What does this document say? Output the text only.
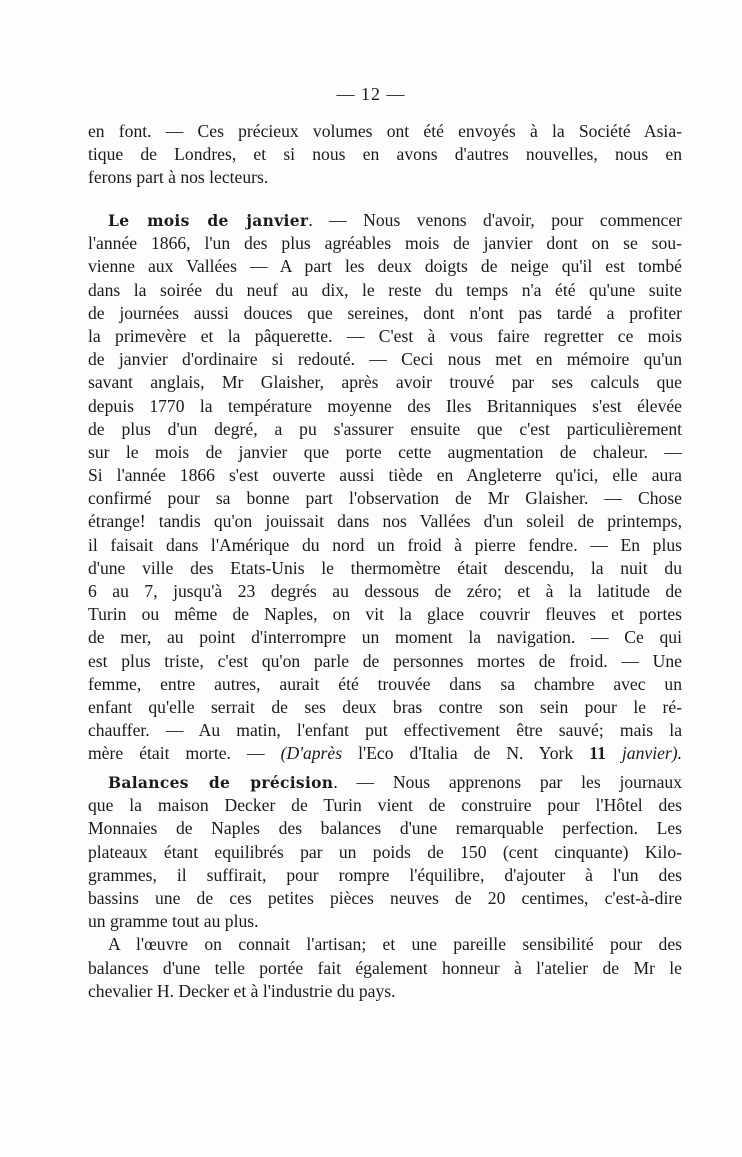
— 12 —
en font. — Ces précieux volumes ont été envoyés à la Société Asia-
tique de Londres, et si nous en avons d'autres nouvelles, nous en
ferons part à nos lecteurs.
Le mois de janvier. — Nous venons d'avoir, pour commencer
l'année 1866, l'un des plus agréables mois de janvier dont on se sou-
vienne aux Vallées — A part les deux doigts de neige qu'il est tombé
dans la soirée du neuf au dix, le reste du temps n'a été qu'une suite
de journées aussi douces que sereines, dont n'ont pas tardé a profiter
la primevère et la pâquerette. — C'est à vous faire regretter ce mois
de janvier d'ordinaire si redouté. — Ceci nous met en mémoire qu'un
savant anglais, Mr Glaisher, après avoir trouvé par ses calculs que
depuis 1770 la température moyenne des Iles Britanniques s'est élevée
de plus d'un degré, a pu s'assurer ensuite que c'est particulièrement
sur le mois de janvier que porte cette augmentation de chaleur. —
Si l'année 1866 s'est ouverte aussi tiède en Angleterre qu'ici, elle aura
confirmé pour sa bonne part l'observation de Mr Glaisher. — Chose
étrange! tandis qu'on jouissait dans nos Vallées d'un soleil de printemps,
il faisait dans l'Amérique du nord un froid à pierre fendre. — En plus
d'une ville des Etats-Unis le thermomètre était descendu, la nuit du
6 au 7, jusqu'à 23 degrés au dessous de zéro; et à la latitude de
Turin ou même de Naples, on vit la glace couvrir fleuves et portes
de mer, au point d'interrompre un moment la navigation. — Ce qui
est plus triste, c'est qu'on parle de personnes mortes de froid. — Une
femme, entre autres, aurait été trouvée dans sa chambre avec un
enfant qu'elle serrait de ses deux bras contre son sein pour le ré-
chauffer. — Au matin, l'enfant put effectivement être sauvé; mais la
mère était morte. — (D'après l'Eco d'Italia de N. York 11 janvier).
Balances de précision. — Nous apprenons par les journaux
que la maison Decker de Turin vient de construire pour l'Hôtel des
Monnaies de Naples des balances d'une remarquable perfection. Les
plateaux étant equilibrés par un poids de 150 (cent cinquante) Kilo-
grammes, il suffirait, pour rompre l'équilibre, d'ajouter à l'un des
bassins une de ces petites pièces neuves de 20 centimes, c'est-à-dire
un gramme tout au plus.
A l'œuvre on connait l'artisan; et une pareille sensibilité pour des
balances d'une telle portée fait également honneur à l'atelier de Mr le
chevalier H. Decker et à l'industrie du pays.
